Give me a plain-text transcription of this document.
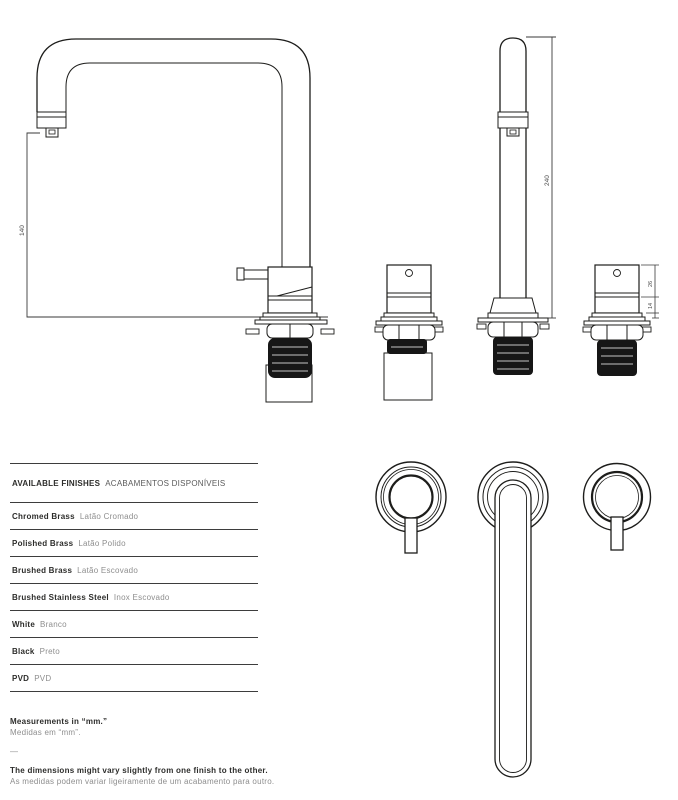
140
240
26
14
AVAILABLE FINISHES ACABAMENTOS DISPONÍVEIS
Chromed Brass Latão Cromado
Polished Brass Latão Polido
Brushed Brass Latão Escovado
Brushed Stainless Steel Inox Escovado
White Branco
Black Preto
PVD PVD
Measurements in “mm.”
Medidas em “mm”.
—
The dimensions might vary slightly from one finish to the other.
As medidas podem variar ligeiramente de um acabamento para outro.
